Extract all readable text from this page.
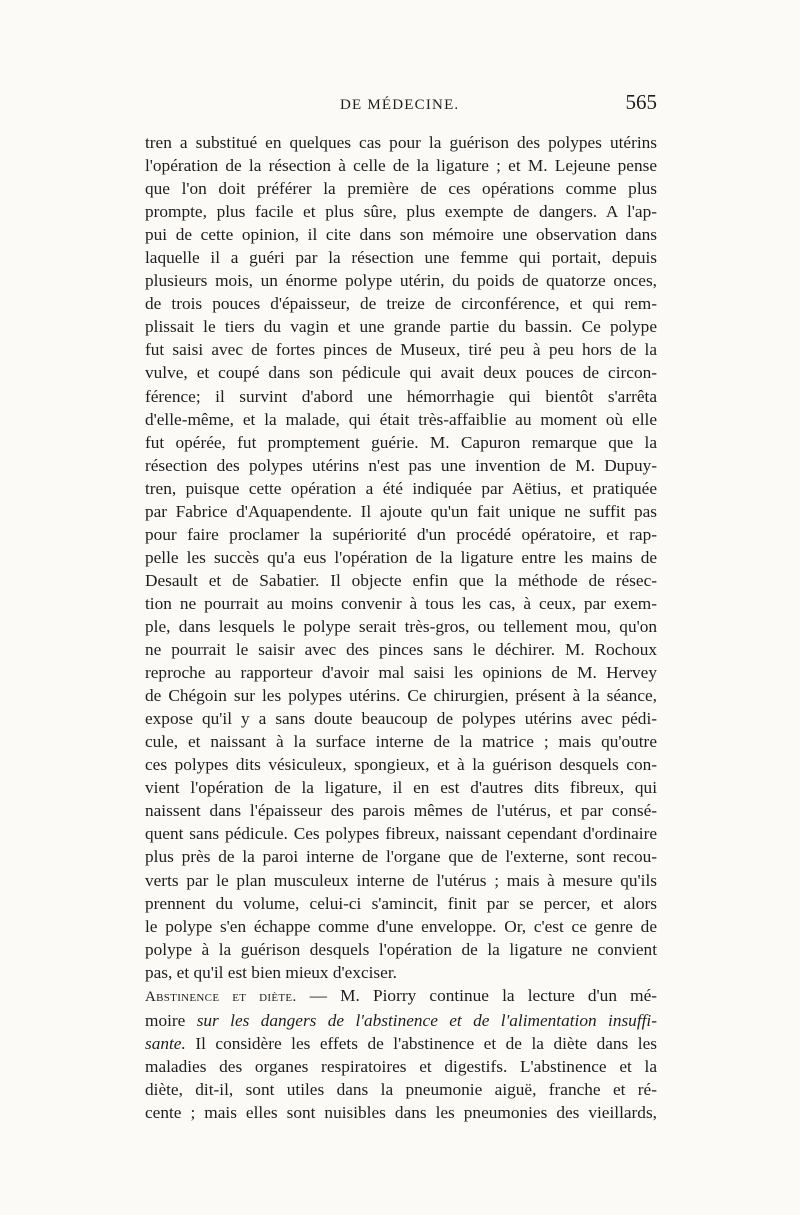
DE MÉDECINE.	565
tren a substitué en quelques cas pour la guérison des polypes utérins
l'opération de la résection à celle de la ligature ; et M. Lejeune pense
que l'on doit préférer la première de ces opérations comme plus
prompte, plus facile et plus sûre, plus exempte de dangers. A l'ap-
pui de cette opinion, il cite dans son mémoire une observation dans
laquelle il a guéri par la résection une femme qui portait, depuis
plusieurs mois, un énorme polype utérin, du poids de quatorze onces,
de trois pouces d'épaisseur, de treize de circonférence, et qui rem-
plissait le tiers du vagin et une grande partie du bassin. Ce polype
fut saisi avec de fortes pinces de Museux, tiré peu à peu hors de la
vulve, et coupé dans son pédicule qui avait deux pouces de circon-
férence; il survint d'abord une hémorrhagie qui bientôt s'arrêta
d'elle-même, et la malade, qui était très-affaiblie au moment où elle
fut opérée, fut promptement guérie. M. Capuron remarque que la
résection des polypes utérins n'est pas une invention de M. Dupuy-
tren, puisque cette opération a été indiquée par Aëtius, et pratiquée
par Fabrice d'Aquapendente. Il ajoute qu'un fait unique ne suffit pas
pour faire proclamer la supériorité d'un procédé opératoire, et rap-
pelle les succès qu'a eus l'opération de la ligature entre les mains de
Desault et de Sabatier. Il objecte enfin que la méthode de résec-
tion ne pourrait au moins convenir à tous les cas, à ceux, par exem-
ple, dans lesquels le polype serait très-gros, ou tellement mou, qu'on
ne pourrait le saisir avec des pinces sans le déchirer. M. Rochoux
reproche au rapporteur d'avoir mal saisi les opinions de M. Hervey
de Chégoin sur les polypes utérins. Ce chirurgien, présent à la séance,
expose qu'il y a sans doute beaucoup de polypes utérins avec pédi-
cule, et naissant à la surface interne de la matrice ; mais qu'outre
ces polypes dits vésiculeux, spongieux, et à la guérison desquels con-
vient l'opération de la ligature, il en est d'autres dits fibreux, qui
naissent dans l'épaisseur des parois mêmes de l'utérus, et par consé-
quent sans pédicule. Ces polypes fibreux, naissant cependant d'ordinaire
plus près de la paroi interne de l'organe que de l'externe, sont recou-
verts par le plan musculeux interne de l'utérus ; mais à mesure qu'ils
prennent du volume, celui-ci s'amincit, finit par se percer, et alors
le polype s'en échappe comme d'une enveloppe. Or, c'est ce genre de
polype à la guérison desquels l'opération de la ligature ne convient
pas, et qu'il est bien mieux d'exciser.
Abstinence et diète. — M. Piorry continue la lecture d'un mé-
moire sur les dangers de l'abstinence et de l'alimentation insuffi-
sante. Il considère les effets de l'abstinence et de la diète dans les
maladies des organes respiratoires et digestifs. L'abstinence et la
diète, dit-il, sont utiles dans la pneumonie aiguë, franche et ré-
cente ; mais elles sont nuisibles dans les pneumonies des vieillards,
